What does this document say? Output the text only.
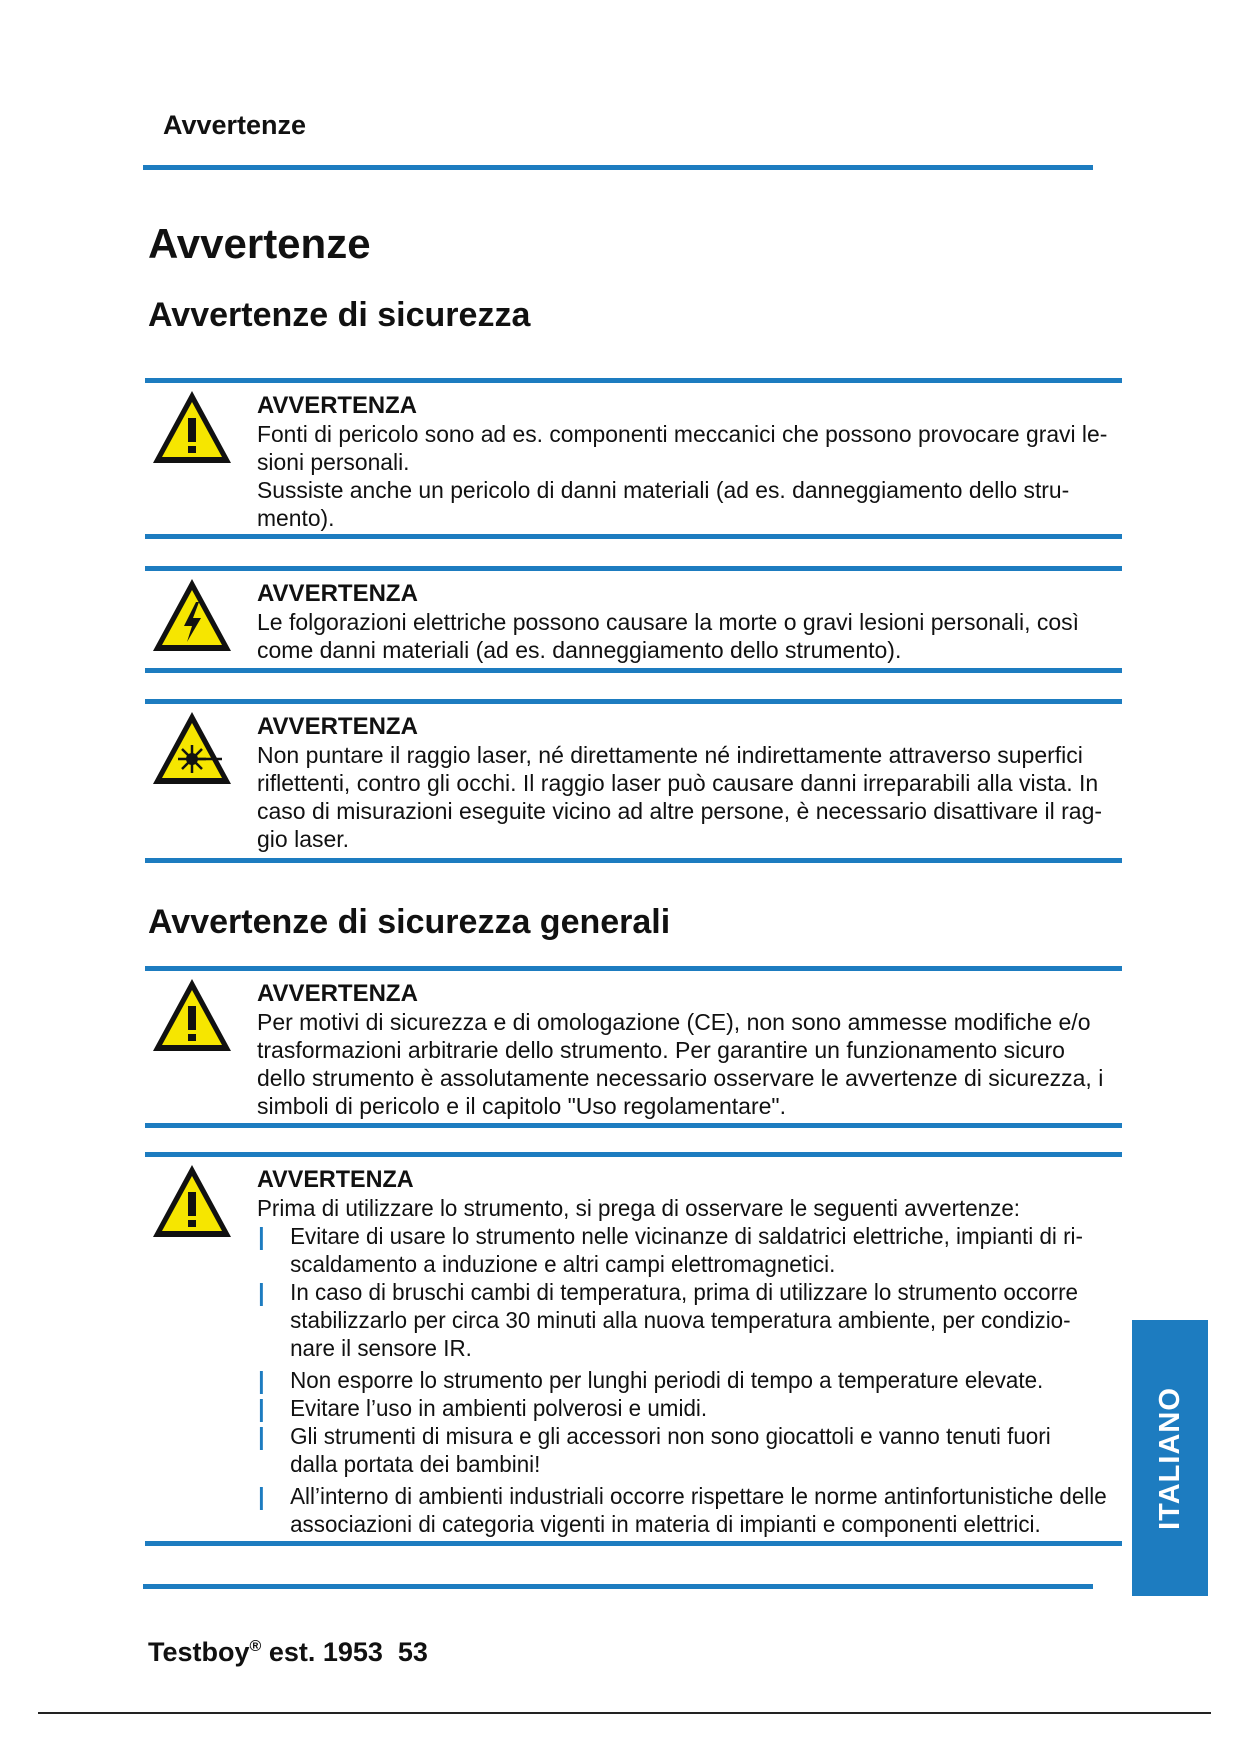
Avvertenze
Avvertenze
Avvertenze di sicurezza

AVVERTENZA

Fonti di pericolo sono ad es. componenti meccanici che possono provocare gravi le-

sioni personali.

Sussiste anche un pericolo di danni materiali (ad es. danneggiamento dello stru-

mento).

AVVERTENZA

Le folgorazioni elettriche possono causare la morte o gravi lesioni personali, così

come danni materiali (ad es. danneggiamento dello strumento).

AVVERTENZA

Non puntare il raggio laser, né direttamente né indirettamente attraverso superfici

riflettenti, contro gli occhi. Il raggio laser può causare danni irreparabili alla vista. In

caso di misurazioni eseguite vicino ad altre persone, è necessario disattivare il rag-

gio laser.

Avvertenze di sicurezza generali

AVVERTENZA

Per motivi di sicurezza e di omologazione (CE), non sono ammesse modifiche e/o

trasformazioni arbitrarie dello strumento. Per garantire un funzionamento sicuro

dello strumento è assolutamente necessario osservare le avvertenze di sicurezza, i

simboli di pericolo e il capitolo "Uso regolamentare".

AVVERTENZA

Prima di utilizzare lo strumento, si prega di osservare le seguenti avvertenze:

Evitare di usare lo strumento nelle vicinanze di saldatrici elettriche, impianti di ri-
scaldamento a induzione e altri campi elettromagnetici.
In caso di bruschi cambi di temperatura, prima di utilizzare lo strumento occorre
stabilizzarlo per circa 30 minuti alla nuova temperatura ambiente, per condizio-
nare il sensore IR.
Non esporre lo strumento per lunghi periodi di tempo a temperature elevate.
Evitare l’uso in ambienti polverosi e umidi.
Gli strumenti di misura e gli accessori non sono giocattoli e vanno tenuti fuori
dalla portata dei bambini!
All’interno di ambienti industriali occorre rispettare le norme antinfortunistiche delle
associazioni di categoria vigenti in materia di impianti e componenti elettrici.	ITALIANO
Testboy® est. 1953  53
